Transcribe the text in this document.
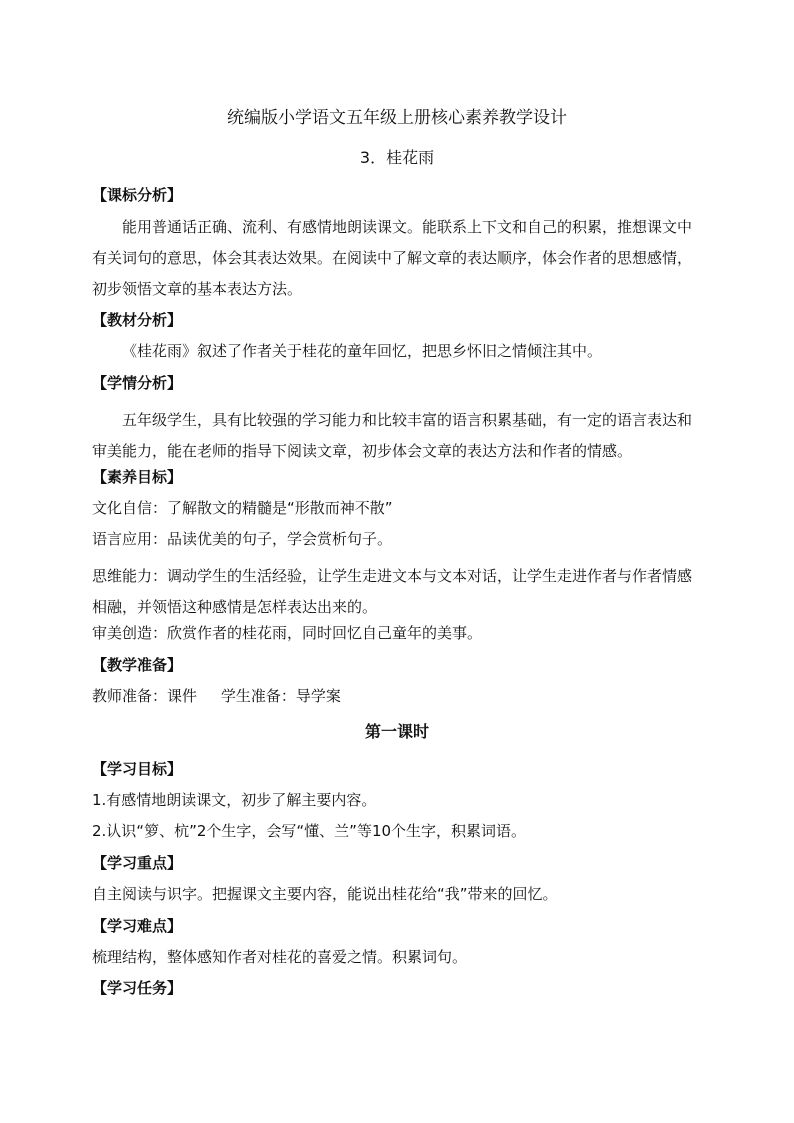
统编版小学语文五年级上册核心素养教学设计
3．桂花雨
【课标分析】
能用普通话正确、流利、有感情地朗读课文。能联系上下文和自己的积累，推想课文中有关词句的意思，体会其表达效果。在阅读中了解文章的表达顺序，体会作者的思想感情，初步领悟文章的基本表达方法。
【教材分析】
《桂花雨》叙述了作者关于桂花的童年回忆，把思乡怀旧之情倾注其中。
【学情分析】
五年级学生，具有比较强的学习能力和比较丰富的语言积累基础，有一定的语言表达和审美能力，能在老师的指导下阅读文章，初步体会文章的表达方法和作者的情感。
【素养目标】
文化自信：了解散文的精髓是“形散而神不散”
语言应用：品读优美的句子，学会赏析句子。
思维能力：调动学生的生活经验，让学生走进文本与文本对话，让学生走进作者与作者情感相融，并领悟这种感情是怎样表达出来的。
审美创造：欣赏作者的桂花雨，同时回忆自己童年的美事。
【教学准备】
教师准备：课件     学生准备：导学案
第一课时
【学习目标】
1.有感情地朗读课文，初步了解主要内容。
2.认识“箩、杭”2个生字，会写“懂、兰”等10个生字，积累词语。
【学习重点】
自主阅读与识字。把握课文主要内容，能说出桂花给“我”带来的回忆。
【学习难点】
梳理结构，整体感知作者对桂花的喜爱之情。积累词句。
【学习任务】
